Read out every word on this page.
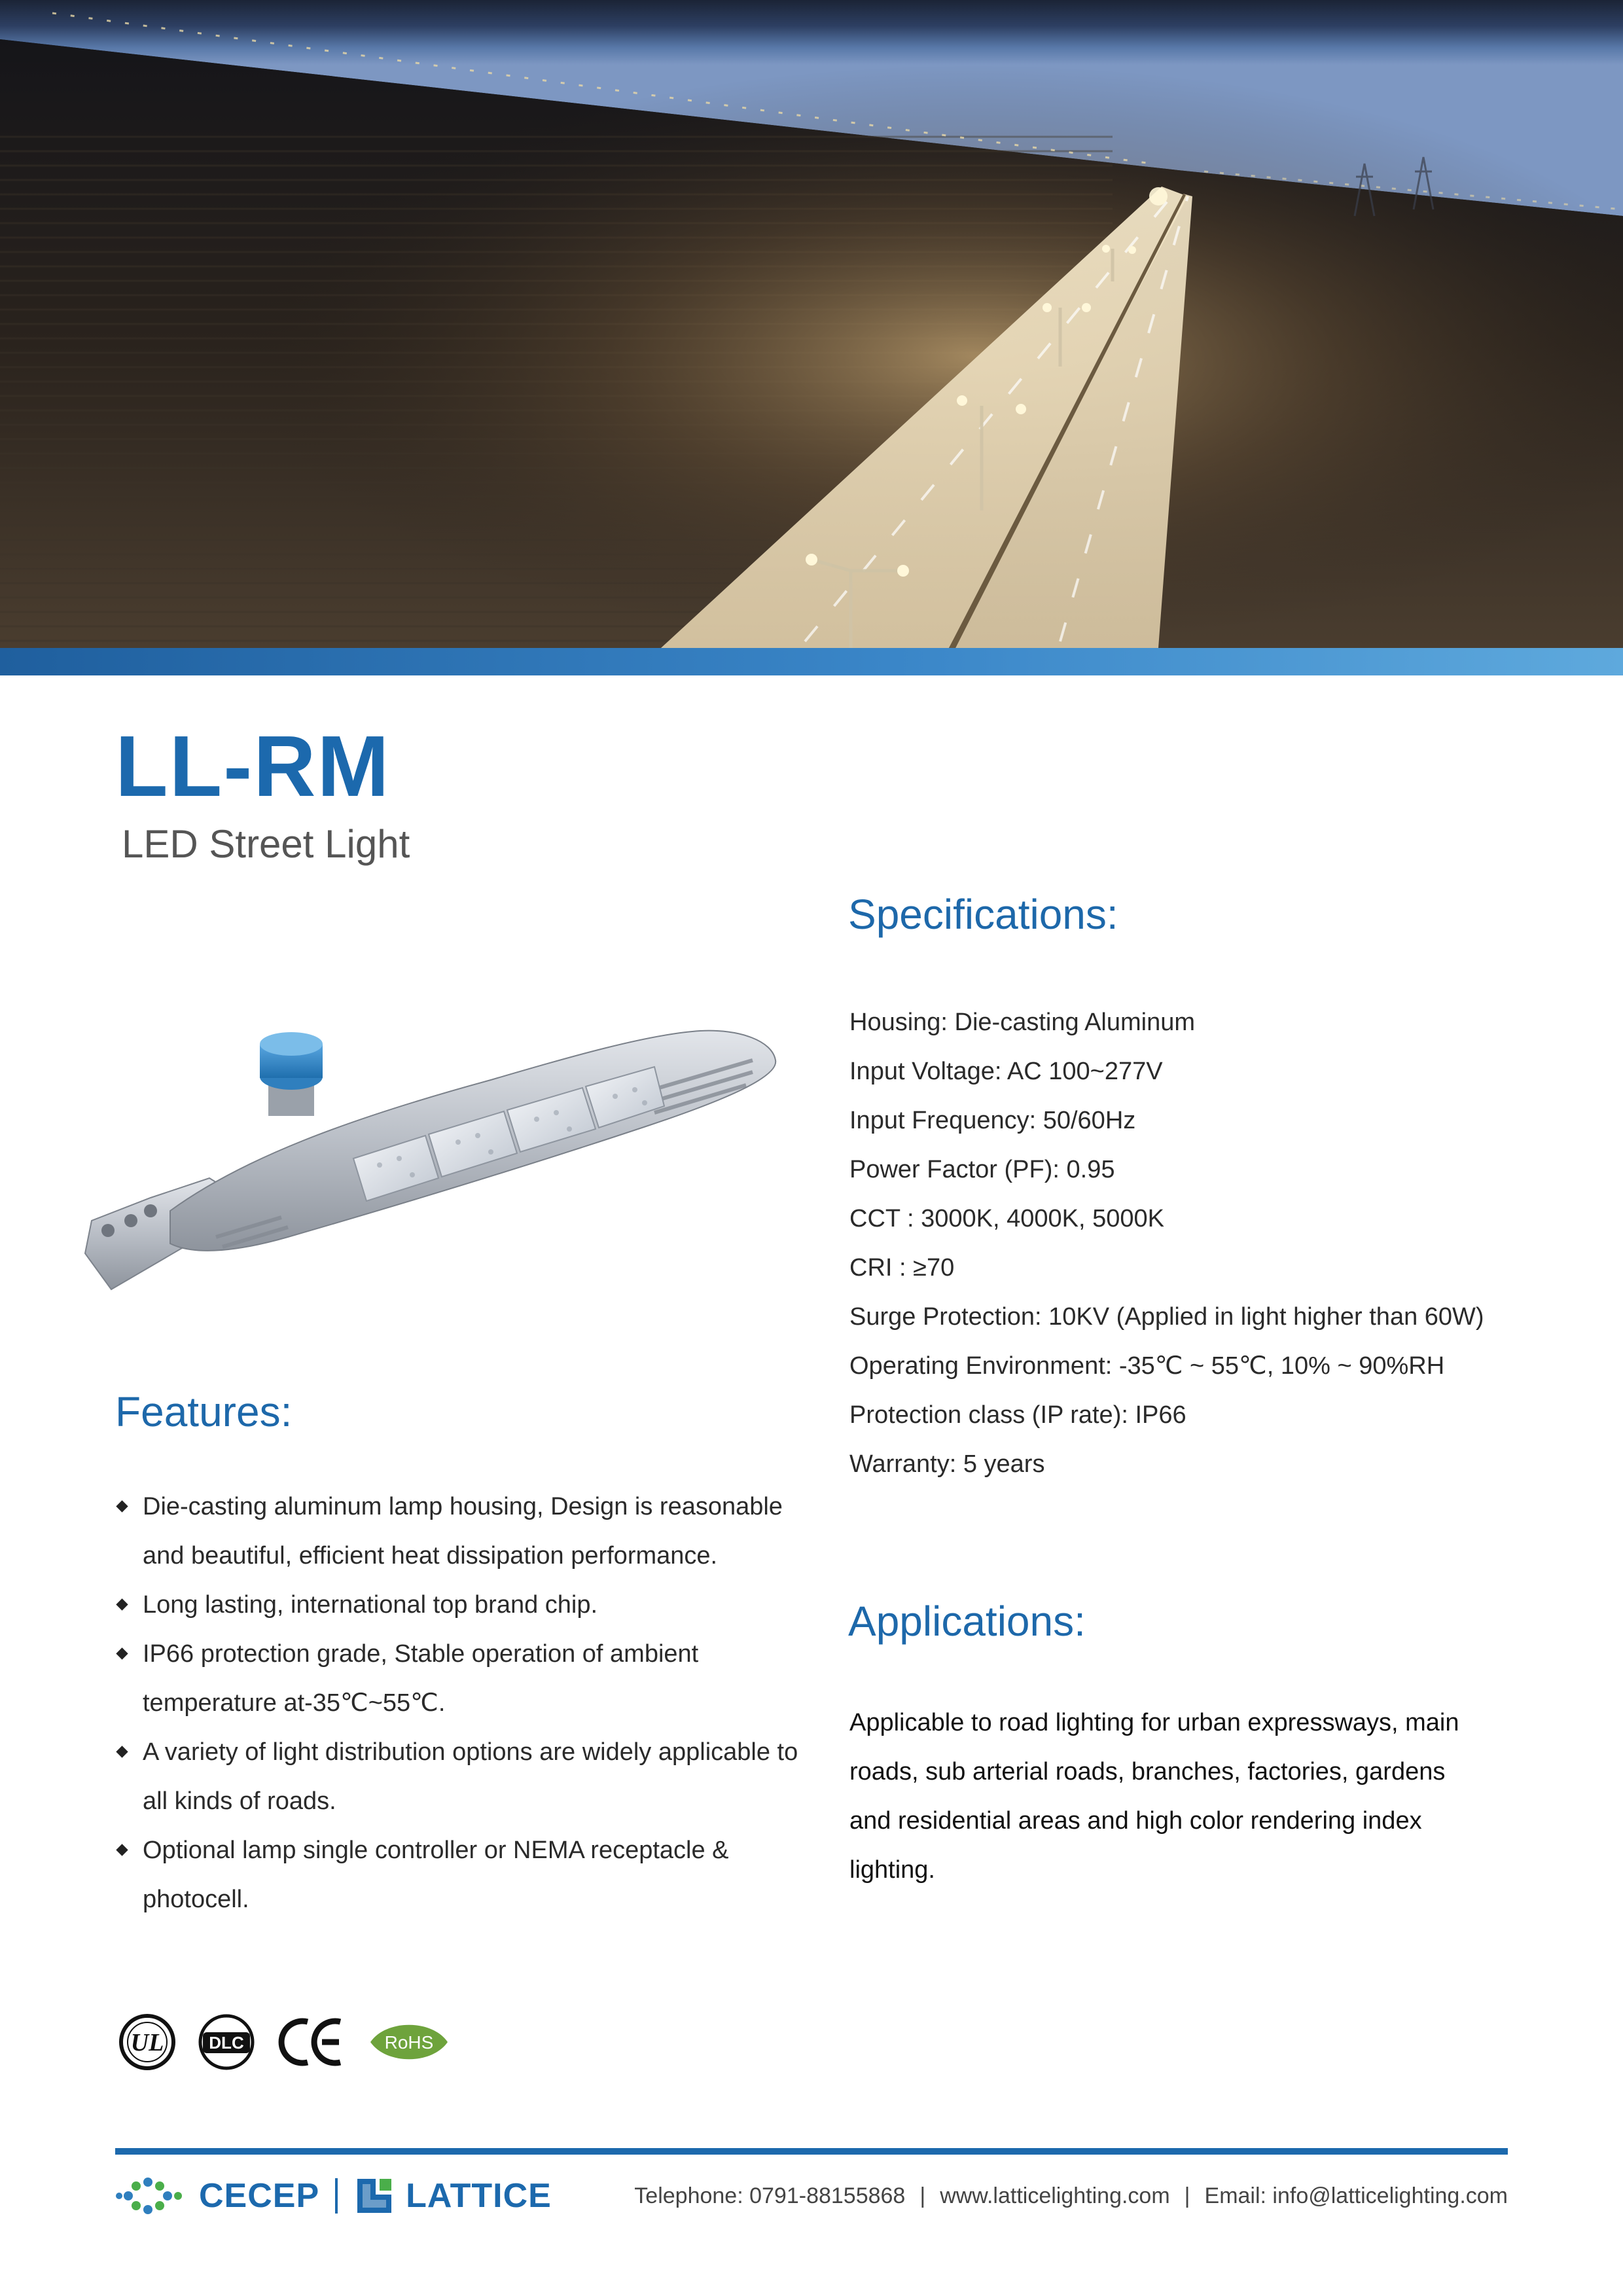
LL-RM
LED Street Light
Specifications:
Housing: Die-casting Aluminum
Input Voltage: AC 100~277V
Input Frequency: 50/60Hz
Power Factor (PF): 0.95
CCT : 3000K, 4000K, 5000K
CRI : ≥70
Surge Protection: 10KV (Applied in light higher than 60W)
Operating Environment: -35℃ ~ 55℃, 10% ~ 90%RH
Protection class (IP rate): IP66
Warranty: 5 years
Features:
Die-casting aluminum lamp housing, Design is reasonable and beautiful, efficient heat dissipation performance.
Long lasting, international top brand chip.
IP66 protection grade, Stable operation of ambient temperature at-35℃~55℃.
A variety of light distribution options are widely applicable to all kinds of roads.
Optional lamp single controller or NEMA receptacle & photocell.
Applications:
Applicable to road lighting for urban expressways, main roads, sub arterial roads, branches, factories, gardens and residential areas and high color rendering index lighting.
UL	DLC
CE
RoHS
CECEP	LATTICE	Telephone: 0791-88155868 | www.latticelighting.com | Email: info@latticelighting.com
